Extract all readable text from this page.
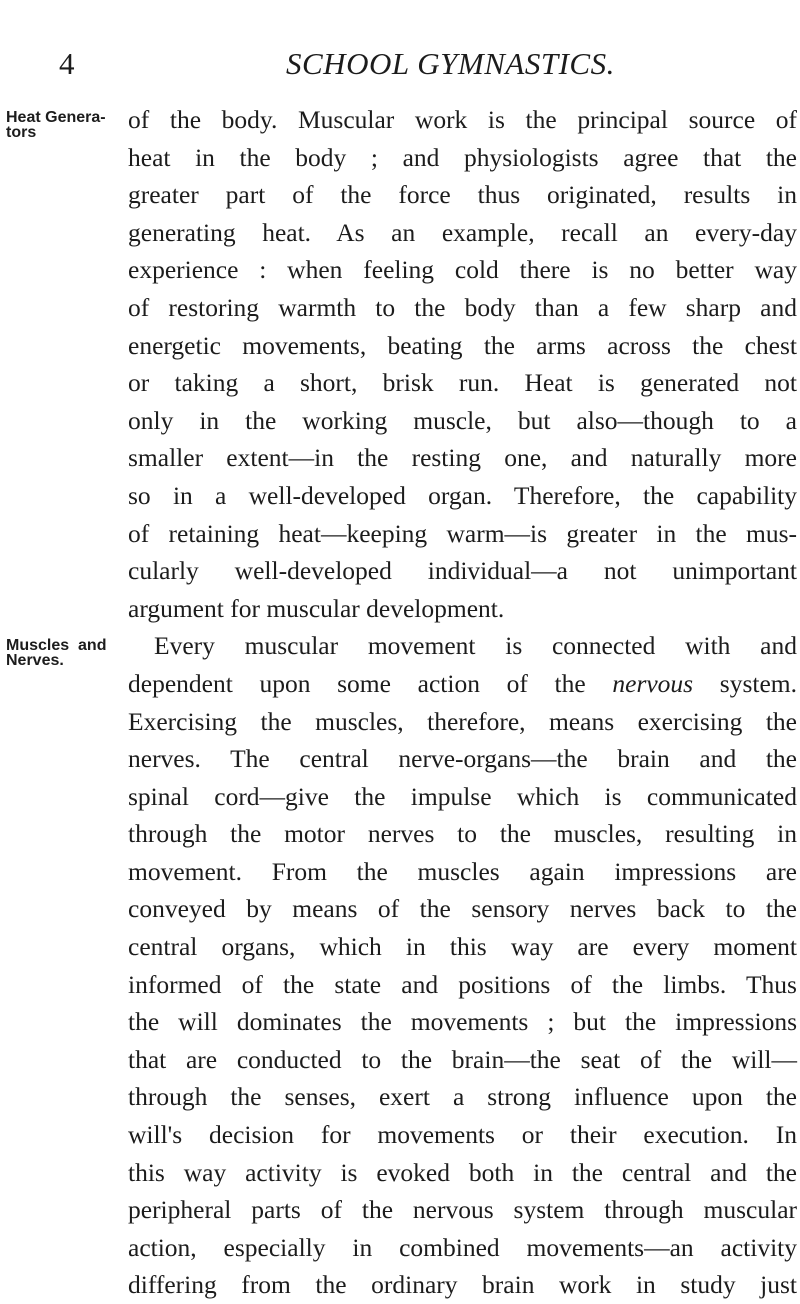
4	SCHOOL GYMNASTICS.
Heat Genera-
tors
Muscles  and
Nerves.
of the body. Muscular work is the principal source of
heat in the body ; and physiologists agree that the
greater part of the force thus originated, results in
generating heat. As an example, recall an every-day
experience : when feeling cold there is no better way
of restoring warmth to the body than a few sharp and
energetic movements, beating the arms across the chest
or taking a short, brisk run. Heat is generated not
only in the working muscle, but also—though to a
smaller extent—in the resting one, and naturally more
so in a well-developed organ. Therefore, the capability
of retaining heat—keeping warm—is greater in the mus-
cularly well-developed individual—a not unimportant
argument for muscular development.
Every muscular movement is connected with and
dependent upon some action of the nervous system.
Exercising the muscles, therefore, means exercising the
nerves. The central nerve-organs—the brain and the
spinal cord—give the impulse which is communicated
through the motor nerves to the muscles, resulting in
movement. From the muscles again impressions are
conveyed by means of the sensory nerves back to the
central organs, which in this way are every moment
informed of the state and positions of the limbs. Thus
the will dominates the movements ; but the impressions
that are conducted to the brain—the seat of the will—
through the senses, exert a strong influence upon the
will's decision for movements or their execution. In
this way activity is evoked both in the central and the
peripheral parts of the nervous system through muscular
action, especially in combined movements—an activity
differing from the ordinary brain work in study just
